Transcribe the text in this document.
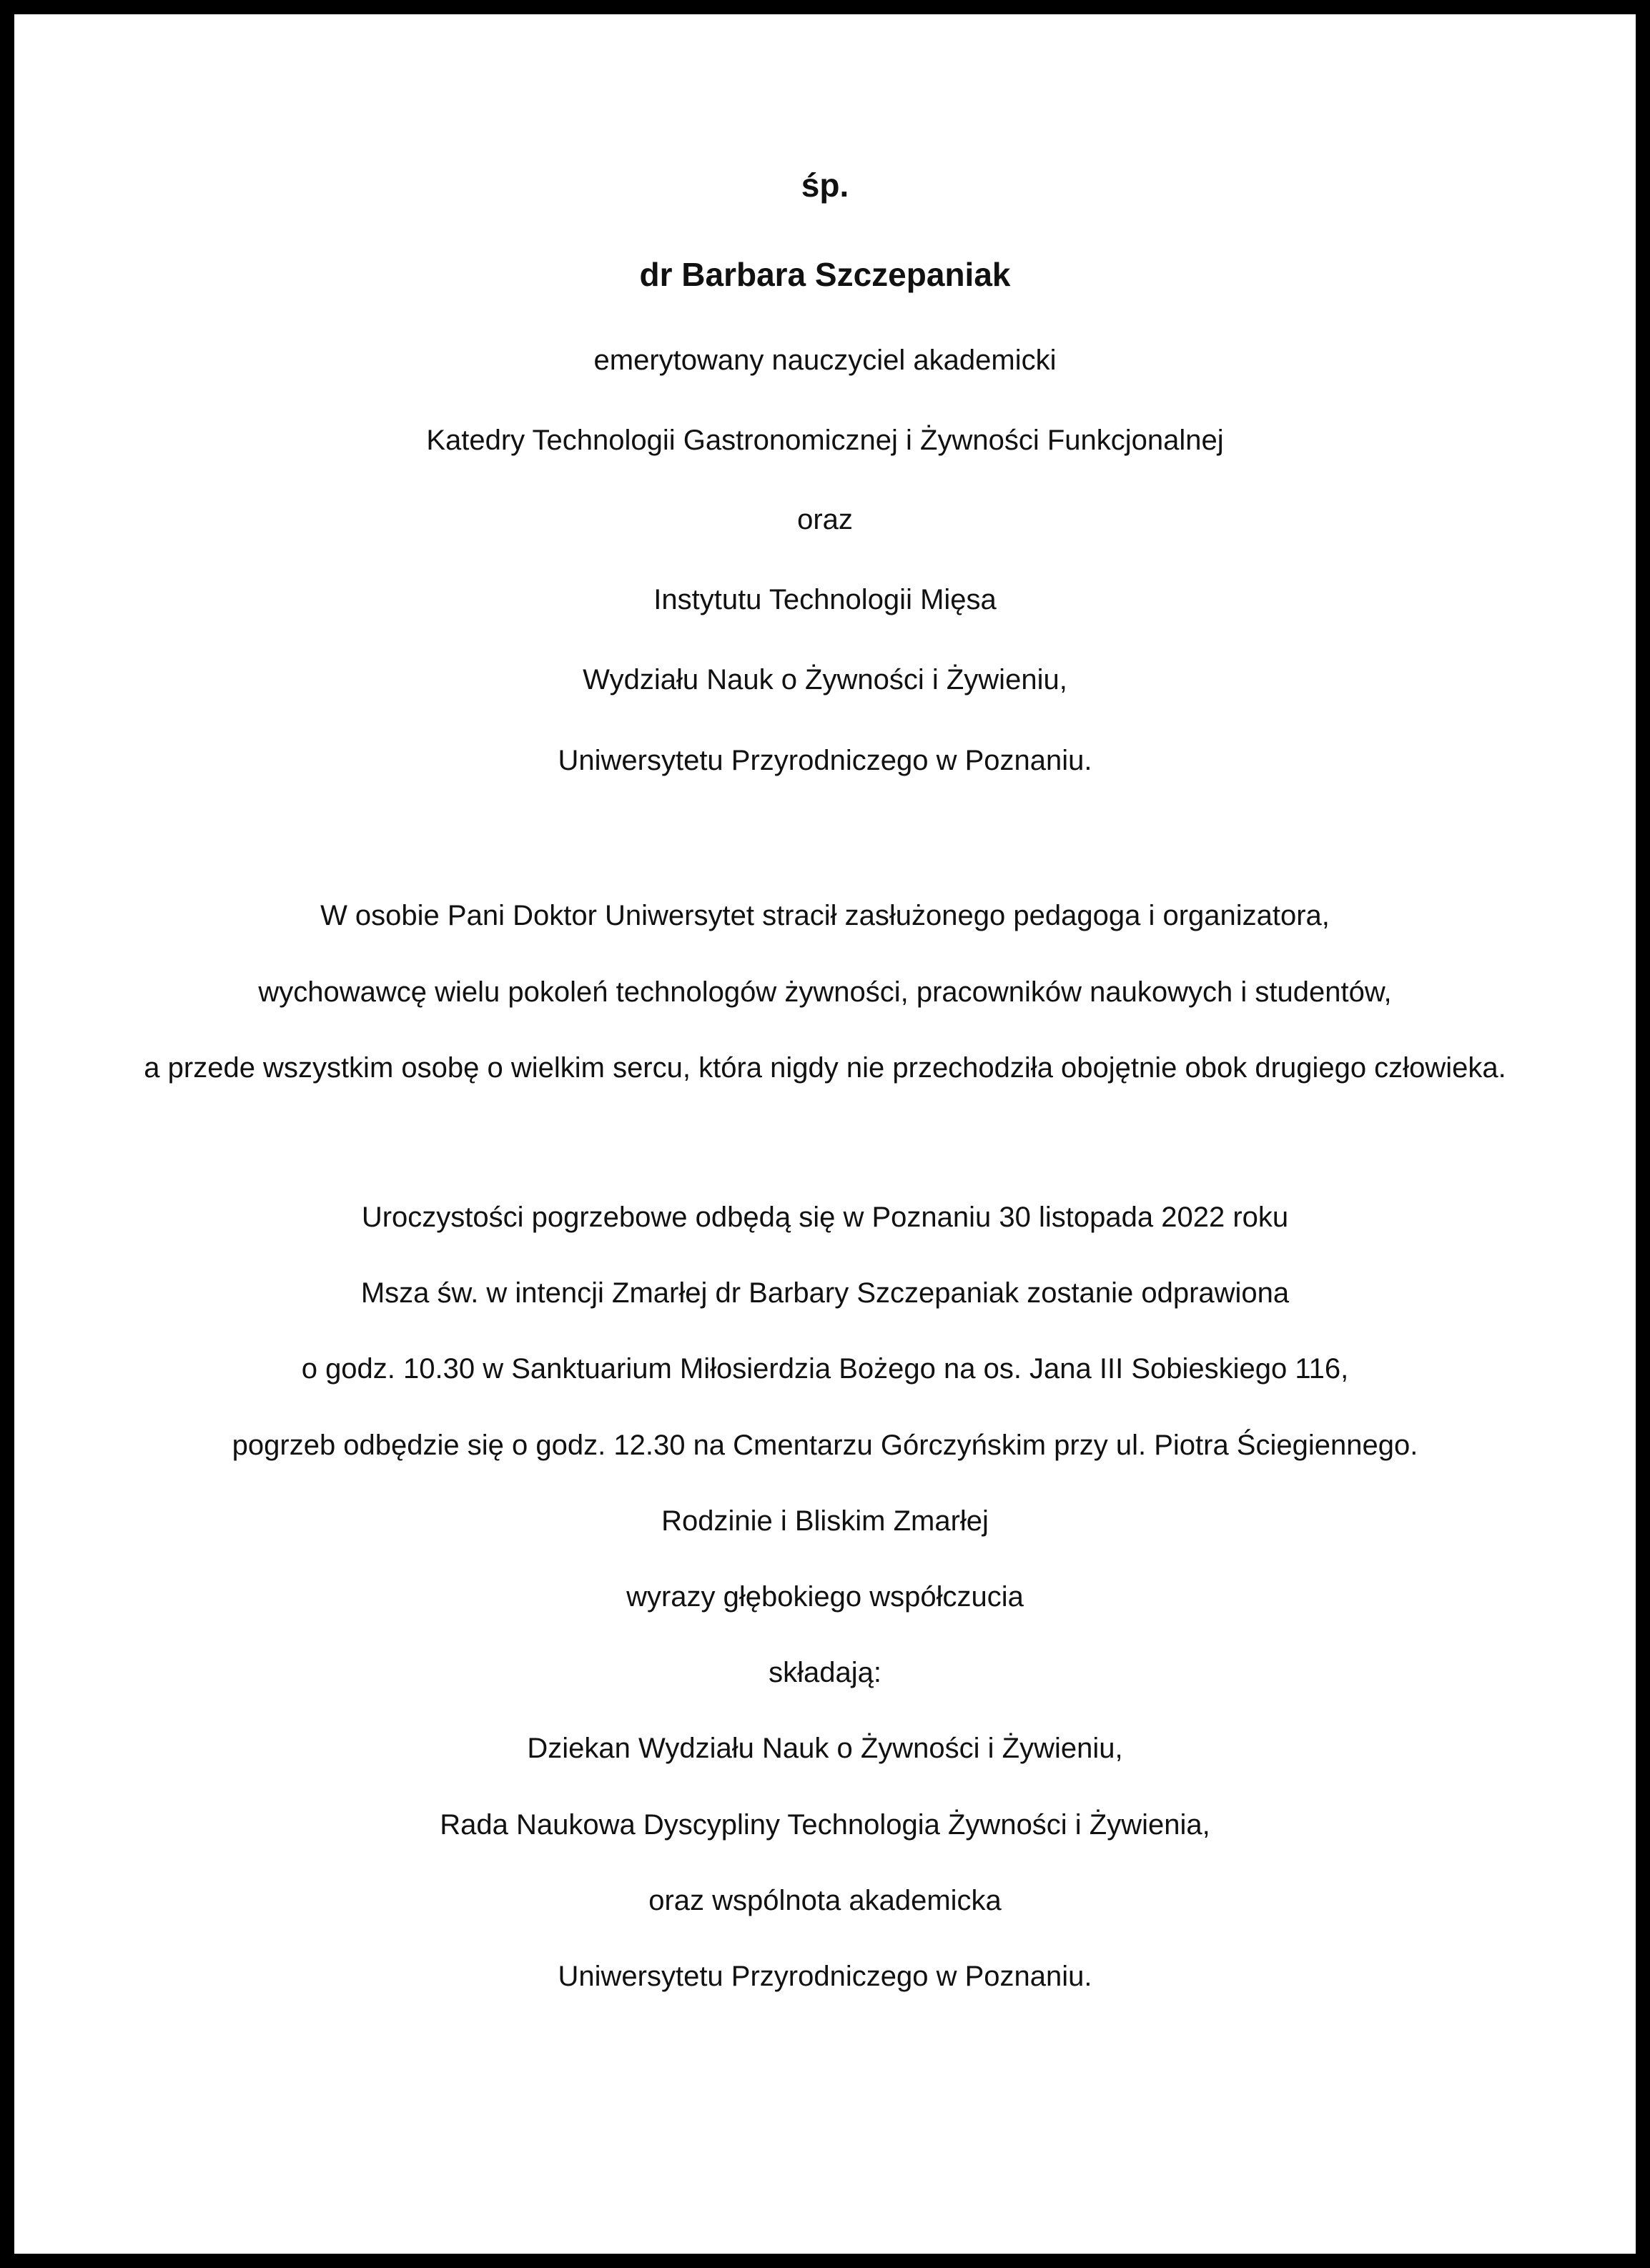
śp.
dr Barbara Szczepaniak
emerytowany nauczyciel akademicki
Katedry Technologii Gastronomicznej i Żywności Funkcjonalnej
oraz
Instytutu Technologii Mięsa
Wydziału Nauk o Żywności i Żywieniu,
Uniwersytetu Przyrodniczego w Poznaniu.
W osobie Pani Doktor Uniwersytet stracił zasłużonego pedagoga i organizatora,
wychowawcę wielu pokoleń technologów żywności, pracowników naukowych i studentów,
a przede wszystkim osobę o wielkim sercu, która nigdy nie przechodziła obojętnie obok drugiego człowieka.
Uroczystości pogrzebowe odbędą się w Poznaniu 30 listopada 2022 roku
Msza św. w intencji Zmarłej dr Barbary Szczepaniak zostanie odprawiona
o godz. 10.30 w Sanktuarium Miłosierdzia Bożego na os. Jana III Sobieskiego 116,
pogrzeb odbędzie się o godz. 12.30 na Cmentarzu Górczyńskim przy ul. Piotra Ściegiennego.
Rodzinie i Bliskim Zmarłej
wyrazy głębokiego współczucia
składają:
Dziekan Wydziału Nauk o Żywności i Żywieniu,
Rada Naukowa Dyscypliny Technologia Żywności i Żywienia,
oraz wspólnota akademicka
Uniwersytetu Przyrodniczego w Poznaniu.
